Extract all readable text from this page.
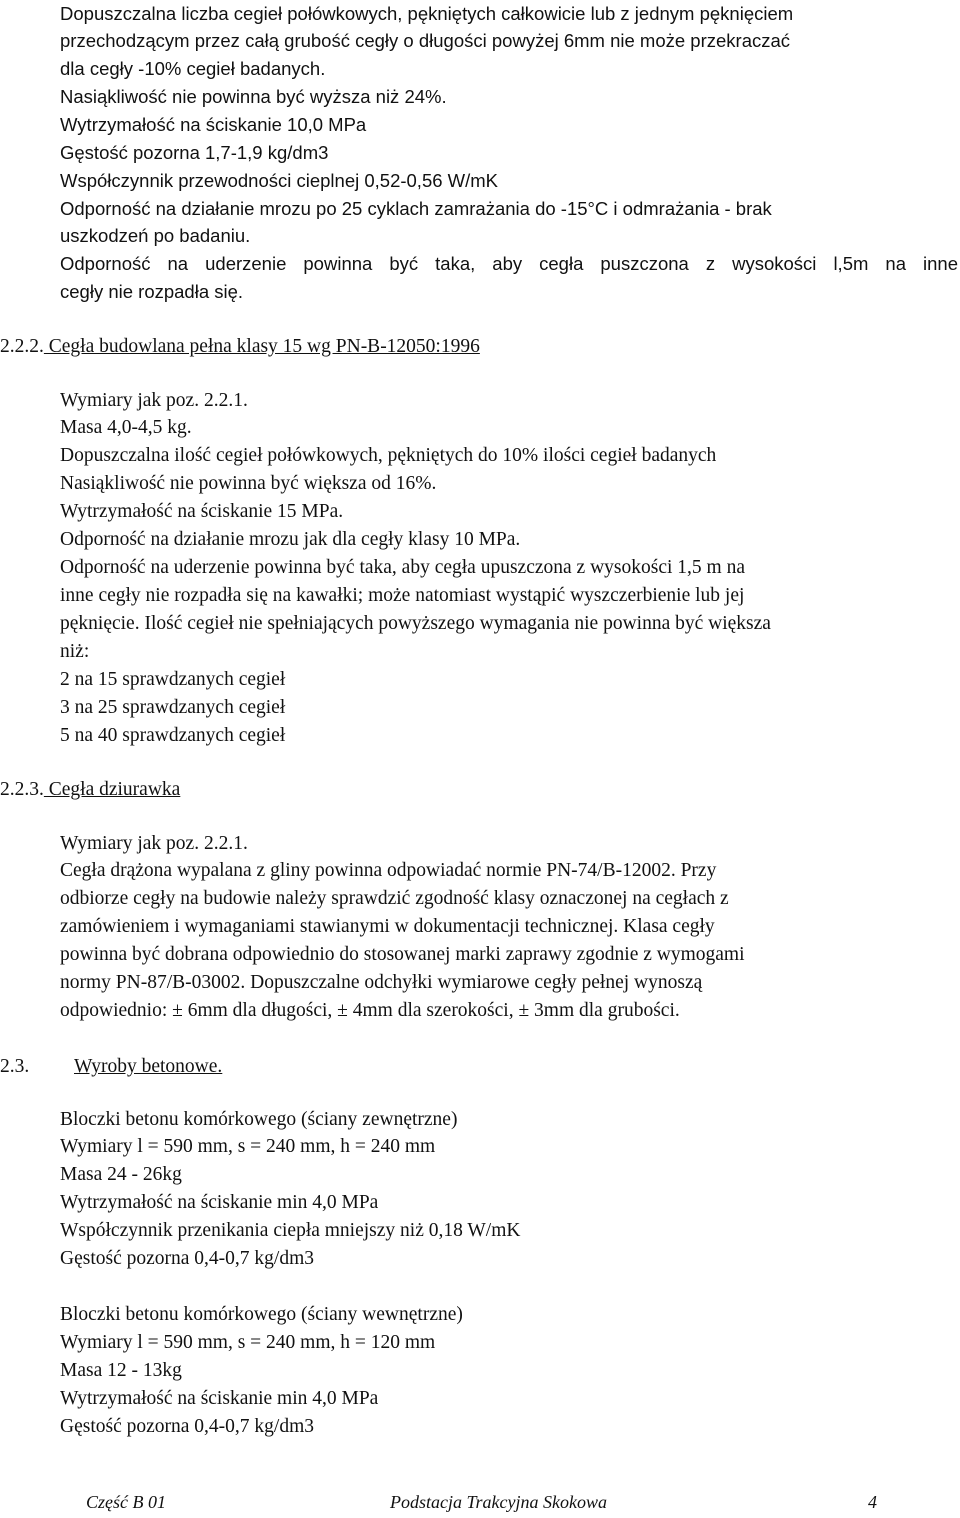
Dopuszczalna liczba cegieł połówkowych, pękniętych całkowicie lub z jednym pęknięciem
przechodzącym przez całą grubość cegły o długości powyżej 6mm nie może przekraczać
dla cegły -10% cegieł badanych.
Nasiąkliwość nie powinna być wyższa niż 24%.
Wytrzymałość na ściskanie 10,0 MPa
Gęstość pozorna 1,7-1,9 kg/dm3
Współczynnik przewodności cieplnej 0,52-0,56 W/mK
Odporność na działanie mrozu po 25 cyklach zamrażania do -15°C i odmrażania - brak
uszkodzeń po badaniu.
Odporność na uderzenie powinna być taka, aby cegła puszczona z wysokości l,5m na inne
cegły nie rozpadła się.
2.2.2. Cegła budowlana pełna klasy 15 wg PN-B-12050:1996
Wymiary jak poz. 2.2.1.
Masa 4,0-4,5 kg.
Dopuszczalna ilość cegieł połówkowych, pękniętych do 10% ilości cegieł badanych
Nasiąkliwość nie powinna być większa od 16%.
Wytrzymałość na ściskanie 15 MPa.
Odporność na działanie mrozu jak dla cegły klasy 10 MPa.
Odporność na uderzenie powinna być taka, aby cegła upuszczona z wysokości 1,5 m na
inne cegły nie rozpadła się na kawałki; może natomiast wystąpić wyszczerbienie lub jej
pęknięcie. Ilość cegieł nie spełniających powyższego wymagania nie powinna być większa
niż:
2 na 15 sprawdzanych cegieł
3 na 25 sprawdzanych cegieł
5 na 40 sprawdzanych cegieł
2.2.3. Cegła dziurawka
Wymiary jak poz. 2.2.1.
Cegła drążona wypalana z gliny powinna odpowiadać normie PN-74/B-12002. Przy
odbiorze cegły na budowie należy sprawdzić zgodność klasy oznaczonej na cegłach z
zamówieniem i wymaganiami stawianymi w dokumentacji technicznej. Klasa cegły
powinna być dobrana odpowiednio do stosowanej marki zaprawy zgodnie z wymogami
normy PN-87/B-03002. Dopuszczalne odchyłki wymiarowe cegły pełnej wynoszą
odpowiednio: ± 6mm dla długości, ± 4mm dla szerokości, ± 3mm dla grubości.
2.3. Wyroby betonowe.
Bloczki betonu komórkowego (ściany zewnętrzne)
Wymiary l = 590 mm, s = 240 mm, h = 240 mm
Masa 24 - 26kg
Wytrzymałość na ściskanie min 4,0 MPa
Współczynnik przenikania ciepła mniejszy niż 0,18 W/mK
Gęstość pozorna 0,4-0,7 kg/dm3
Bloczki betonu komórkowego (ściany wewnętrzne)
Wymiary l = 590 mm, s = 240 mm, h = 120 mm
Masa 12 - 13kg
Wytrzymałość na ściskanie min 4,0 MPa
Gęstość pozorna 0,4-0,7 kg/dm3
Część B 01	Podstacja Trakcyjna Skokowa	4
